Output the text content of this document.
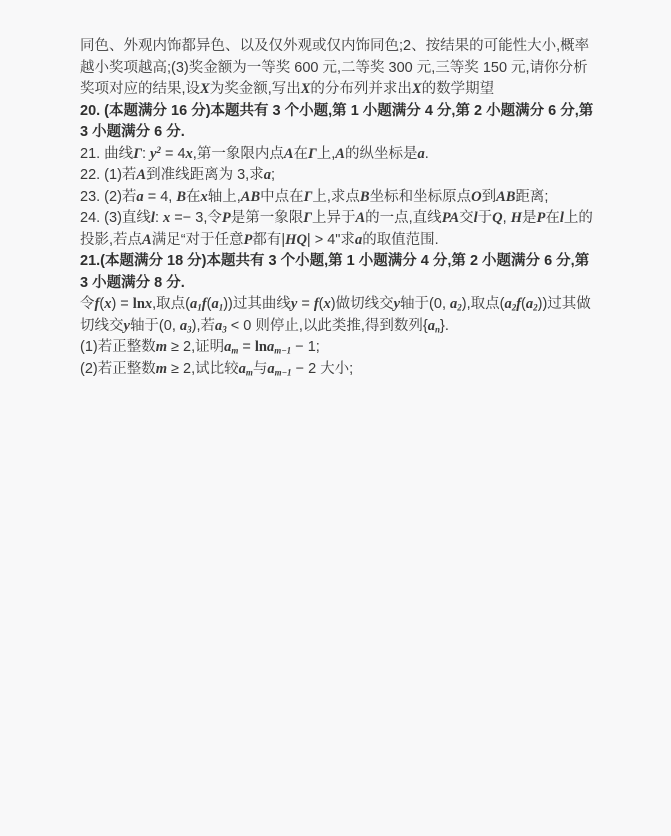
同色、外观内饰都异色、以及仅外观或仅内饰同色;2、按结果的可能性大小,概率越小奖项越高;(3)奖金额为一等奖 600 元,二等奖 300 元,三等奖 150 元,请你分析奖项对应的结果,设X为奖金额,写出X的分布列并求出X的数学期望

20. (本题满分 16 分)本题共有 3 个小题,第 1 小题满分 4 分,第 2 小题满分 6 分,第 3 小题满分 6 分.

21. 曲线Γ: $y^2 = 4x$,第一象限内点A在Γ上,A的纵坐标是a.

22. (1)若A到准线距离为 3,求a;

23. (2)若a = 4, B在x轴上,AB中点在Γ上,求点B坐标和坐标原点O到AB距离;

24. (3)直线l: x =− 3,令P是第一象限Γ上异于A的一点,直线PA交l于Q, H是P在l上的投影,若点A满足“对于任意P都有|HQ| > 4"求a的取值范围.

21.(本题满分 18 分)本题共有 3 个小题,第 1 小题满分 4 分,第 2 小题满分 6 分,第 3 小题满分 8 分.

令f(x) = lnx,取点$(a_1f(a_1))$过其曲线y = f(x)做切线交y轴于(0, $a_2$),取点$(a_2f(a_2))$过其做切线交y轴于(0, $a_3$),若$a_3 < 0$ 则停止,以此类推,得到数列$\{a_n\}$.

(1)若正整数m ≥ 2,证明$a_m = \ln a_{m-1} - 1$;

(2)若正整数m ≥ 2,试比较$a_m$与$a_{m-1} - 2$ 大小;
